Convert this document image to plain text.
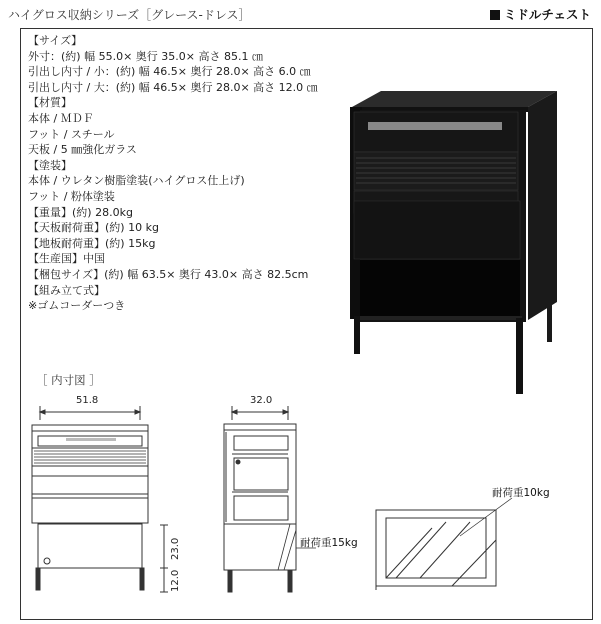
ハイグロス収納シリーズ［グレース-ドレス］	ミドルチェスト
【サイズ】
外寸：(約) 幅 55.0× 奥行 35.0× 高さ 85.1 ㎝
引出し内寸 / 小：(約) 幅 46.5× 奥行 28.0× 高さ 6.0 ㎝
引出し内寸 / 大：(約) 幅 46.5× 奥行 28.0× 高さ 12.0 ㎝
【材質】
本体 / ＭＤＦ
フット / スチール
天板 / 5 ㎜強化ガラス
【塗装】
本体 / ウレタン樹脂塗装(ハイグロス仕上げ)
フット / 粉体塗装
【重量】(約) 28.0kg
【天板耐荷重】(約) 10 kg
【地板耐荷重】(約) 15kg
【生産国】中国
【梱包サイズ】(約) 幅 63.5× 奥行 43.0× 高さ 82.5cm
【組み立て式】
※ゴムコーダーつき
［ 内寸図 ］
51.8	32.0
23.0
12.0
耐荷重15kg
耐荷重10kg
